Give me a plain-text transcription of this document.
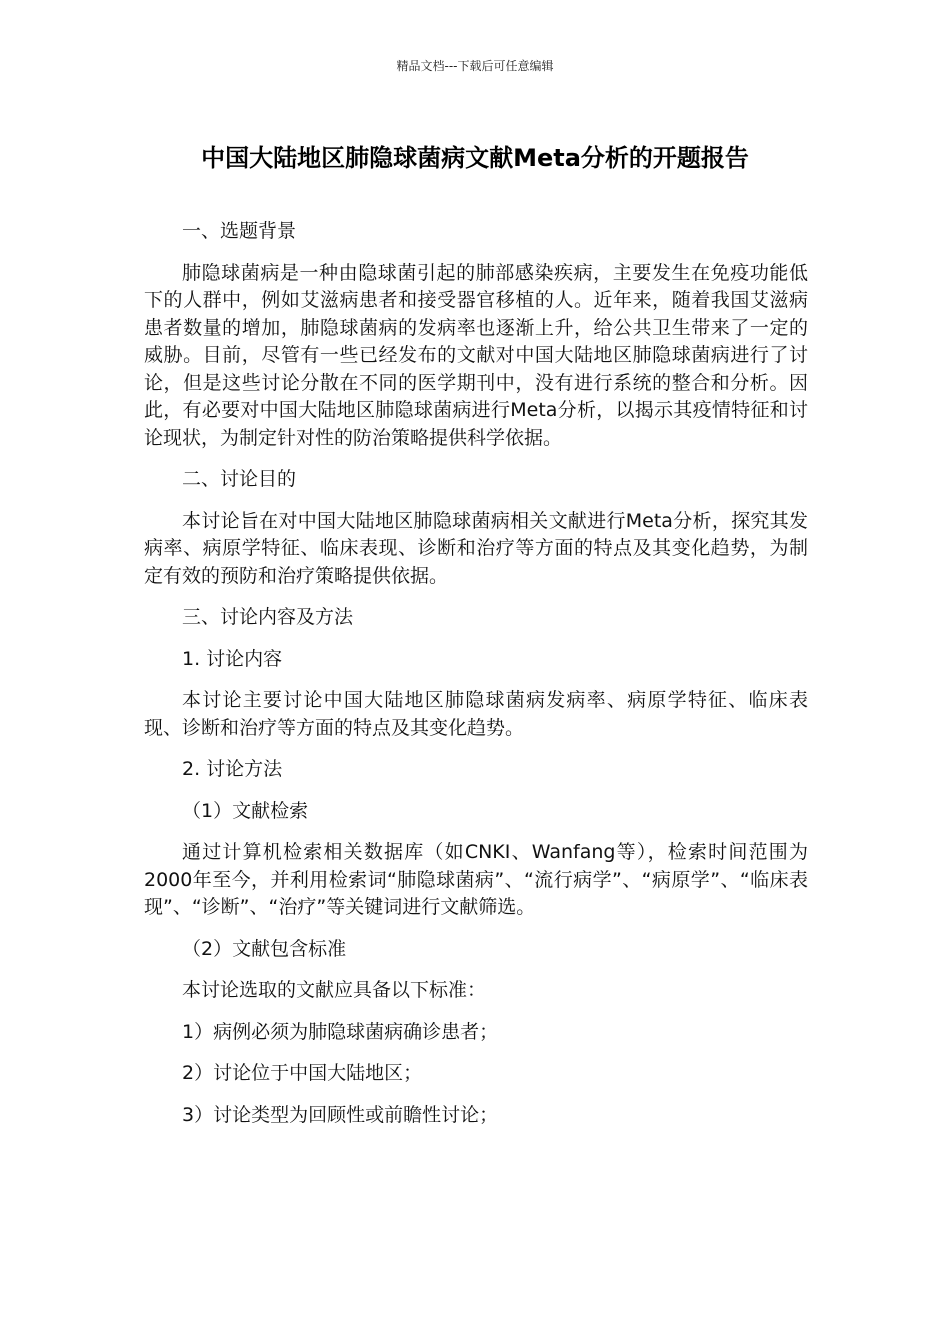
精品文档---下载后可任意编辑
中国大陆地区肺隐球菌病文献Meta分析的开题报告
一、选题背景
肺隐球菌病是一种由隐球菌引起的肺部感染疾病，主要发生在免疫功能低下的人群中，例如艾滋病患者和接受器官移植的人。近年来，随着我国艾滋病患者数量的增加，肺隐球菌病的发病率也逐渐上升，给公共卫生带来了一定的威胁。目前，尽管有一些已经发布的文献对中国大陆地区肺隐球菌病进行了讨论，但是这些讨论分散在不同的医学期刊中，没有进行系统的整合和分析。因此，有必要对中国大陆地区肺隐球菌病进行Meta分析，以揭示其疫情特征和讨论现状，为制定针对性的防治策略提供科学依据。
二、讨论目的
本讨论旨在对中国大陆地区肺隐球菌病相关文献进行Meta分析，探究其发病率、病原学特征、临床表现、诊断和治疗等方面的特点及其变化趋势，为制定有效的预防和治疗策略提供依据。
三、讨论内容及方法
1. 讨论内容
本讨论主要讨论中国大陆地区肺隐球菌病发病率、病原学特征、临床表现、诊断和治疗等方面的特点及其变化趋势。
2. 讨论方法
（1）文献检索
通过计算机检索相关数据库（如CNKI、Wanfang等），检索时间范围为2000年至今，并利用检索词“肺隐球菌病”、“流行病学”、“病原学”、“临床表现”、“诊断”、“治疗”等关键词进行文献筛选。
（2）文献包含标准
本讨论选取的文献应具备以下标准：
1）病例必须为肺隐球菌病确诊患者；
2）讨论位于中国大陆地区；
3）讨论类型为回顾性或前瞻性讨论；
